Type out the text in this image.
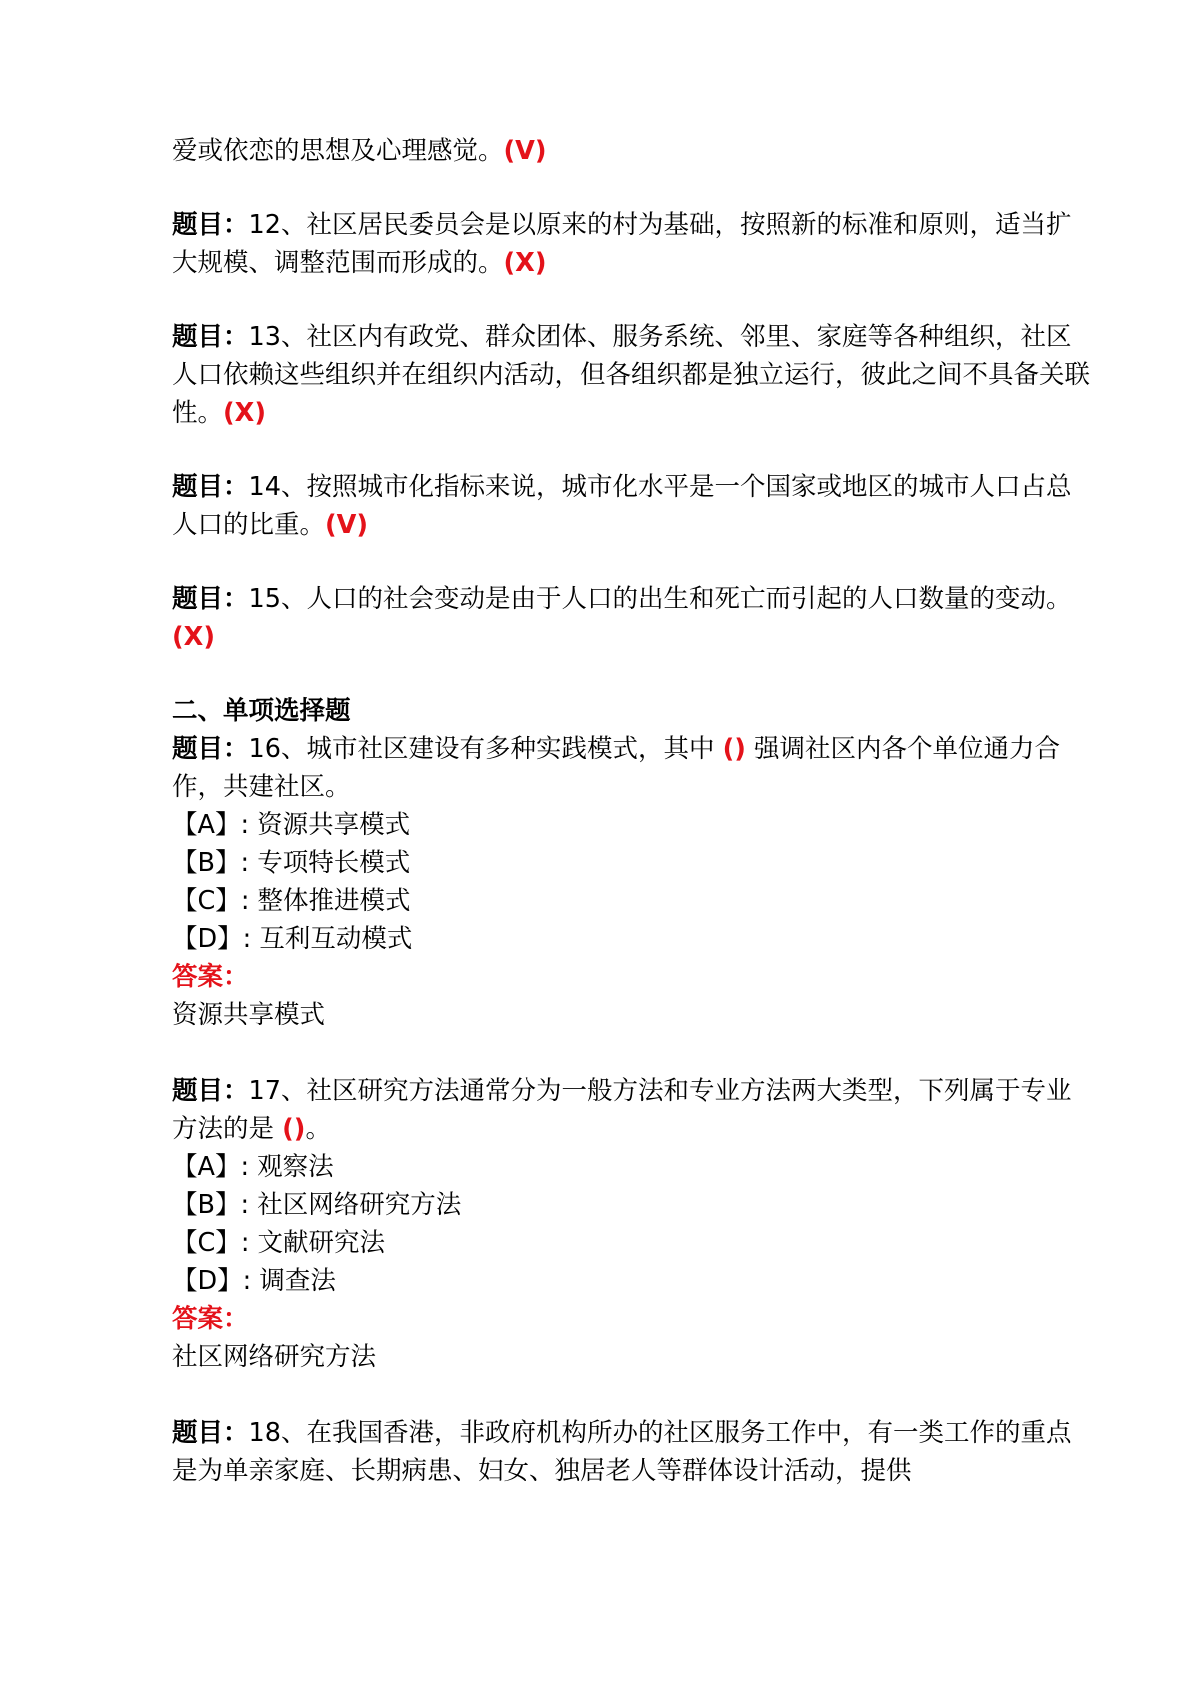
爱或依恋的思想及心理感觉。(V)

题目：12、社区居民委员会是以原来的村为基础，按照新的标准和原则，适当扩大规模、调整范围而形成的。(X)

题目：13、社区内有政党、群众团体、服务系统、邻里、家庭等各种组织，社区人口依赖这些组织并在组织内活动，但各组织都是独立运行，彼此之间不具备关联性。(X)

题目：14、按照城市化指标来说，城市化水平是一个国家或地区的城市人口占总人口的比重。(V)

题目：15、人口的社会变动是由于人口的出生和死亡而引起的人口数量的变动。(X)

二、单项选择题

题目：16、城市社区建设有多种实践模式，其中 () 强调社区内各个单位通力合作，共建社区。

【A】: 资源共享模式

【B】: 专项特长模式

【C】: 整体推进模式

【D】: 互利互动模式

答案：

资源共享模式

题目：17、社区研究方法通常分为一般方法和专业方法两大类型，下列属于专业方法的是 ()。

【A】: 观察法

【B】: 社区网络研究方法

【C】: 文献研究法

【D】: 调查法

答案：

社区网络研究方法

题目：18、在我国香港，非政府机构所办的社区服务工作中，有一类工作的重点是为单亲家庭、长期病患、妇女、独居老人等群体设计活动，提供
